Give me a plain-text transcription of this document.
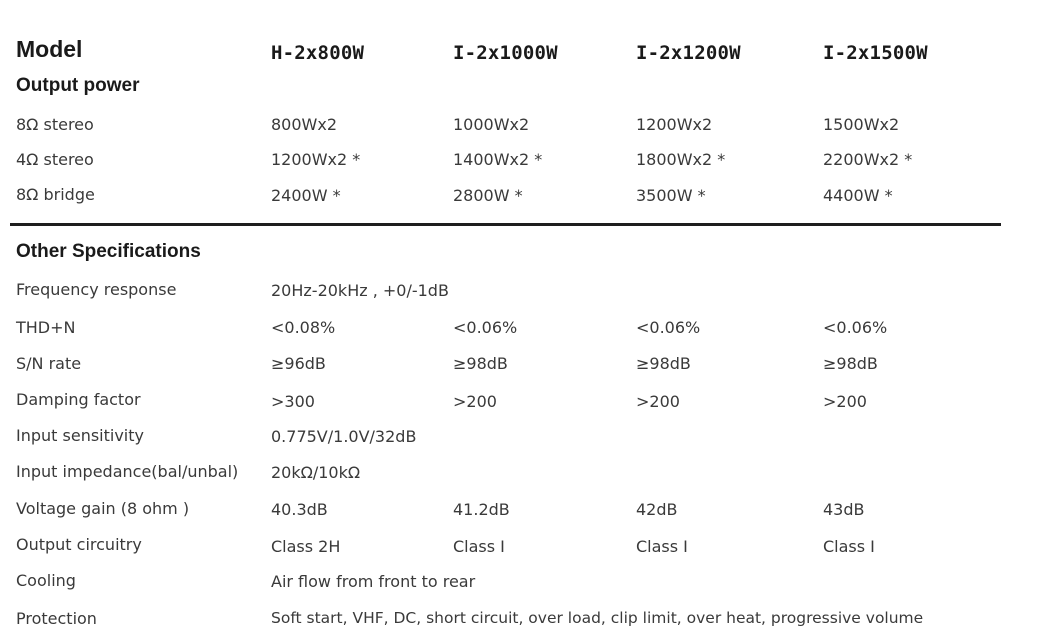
Model	H-2x800W	I-2x1000W	I-2x1200W	I-2x1500W
Output power
8Ω stereo	800Wx2	1000Wx2	1200Wx2	1500Wx2
4Ω stereo	1200Wx2 *	1400Wx2 *	1800Wx2 *	2200Wx2 *
8Ω bridge	2400W *	2800W *	3500W *	4400W *
Other Specifications
Frequency response	20Hz-20kHz , +0/-1dB
THD+N	<0.08%	<0.06%	<0.06%	<0.06%
S/N rate	≥96dB	≥98dB	≥98dB	≥98dB
Damping factor	>300	>200	>200	>200
Input sensitivity	0.775V/1.0V/32dB
Input impedance(bal/unbal) 20kΩ/10kΩ
Voltage gain (8 ohm )	40.3dB	41.2dB	42dB	43dB
Output circuitry	Class 2H	Class I	Class I	Class I
Cooling	Air flow from front to rear
Protection	Soft start, VHF, DC, short circuit, over load, clip limit, over heat, progressive volume
